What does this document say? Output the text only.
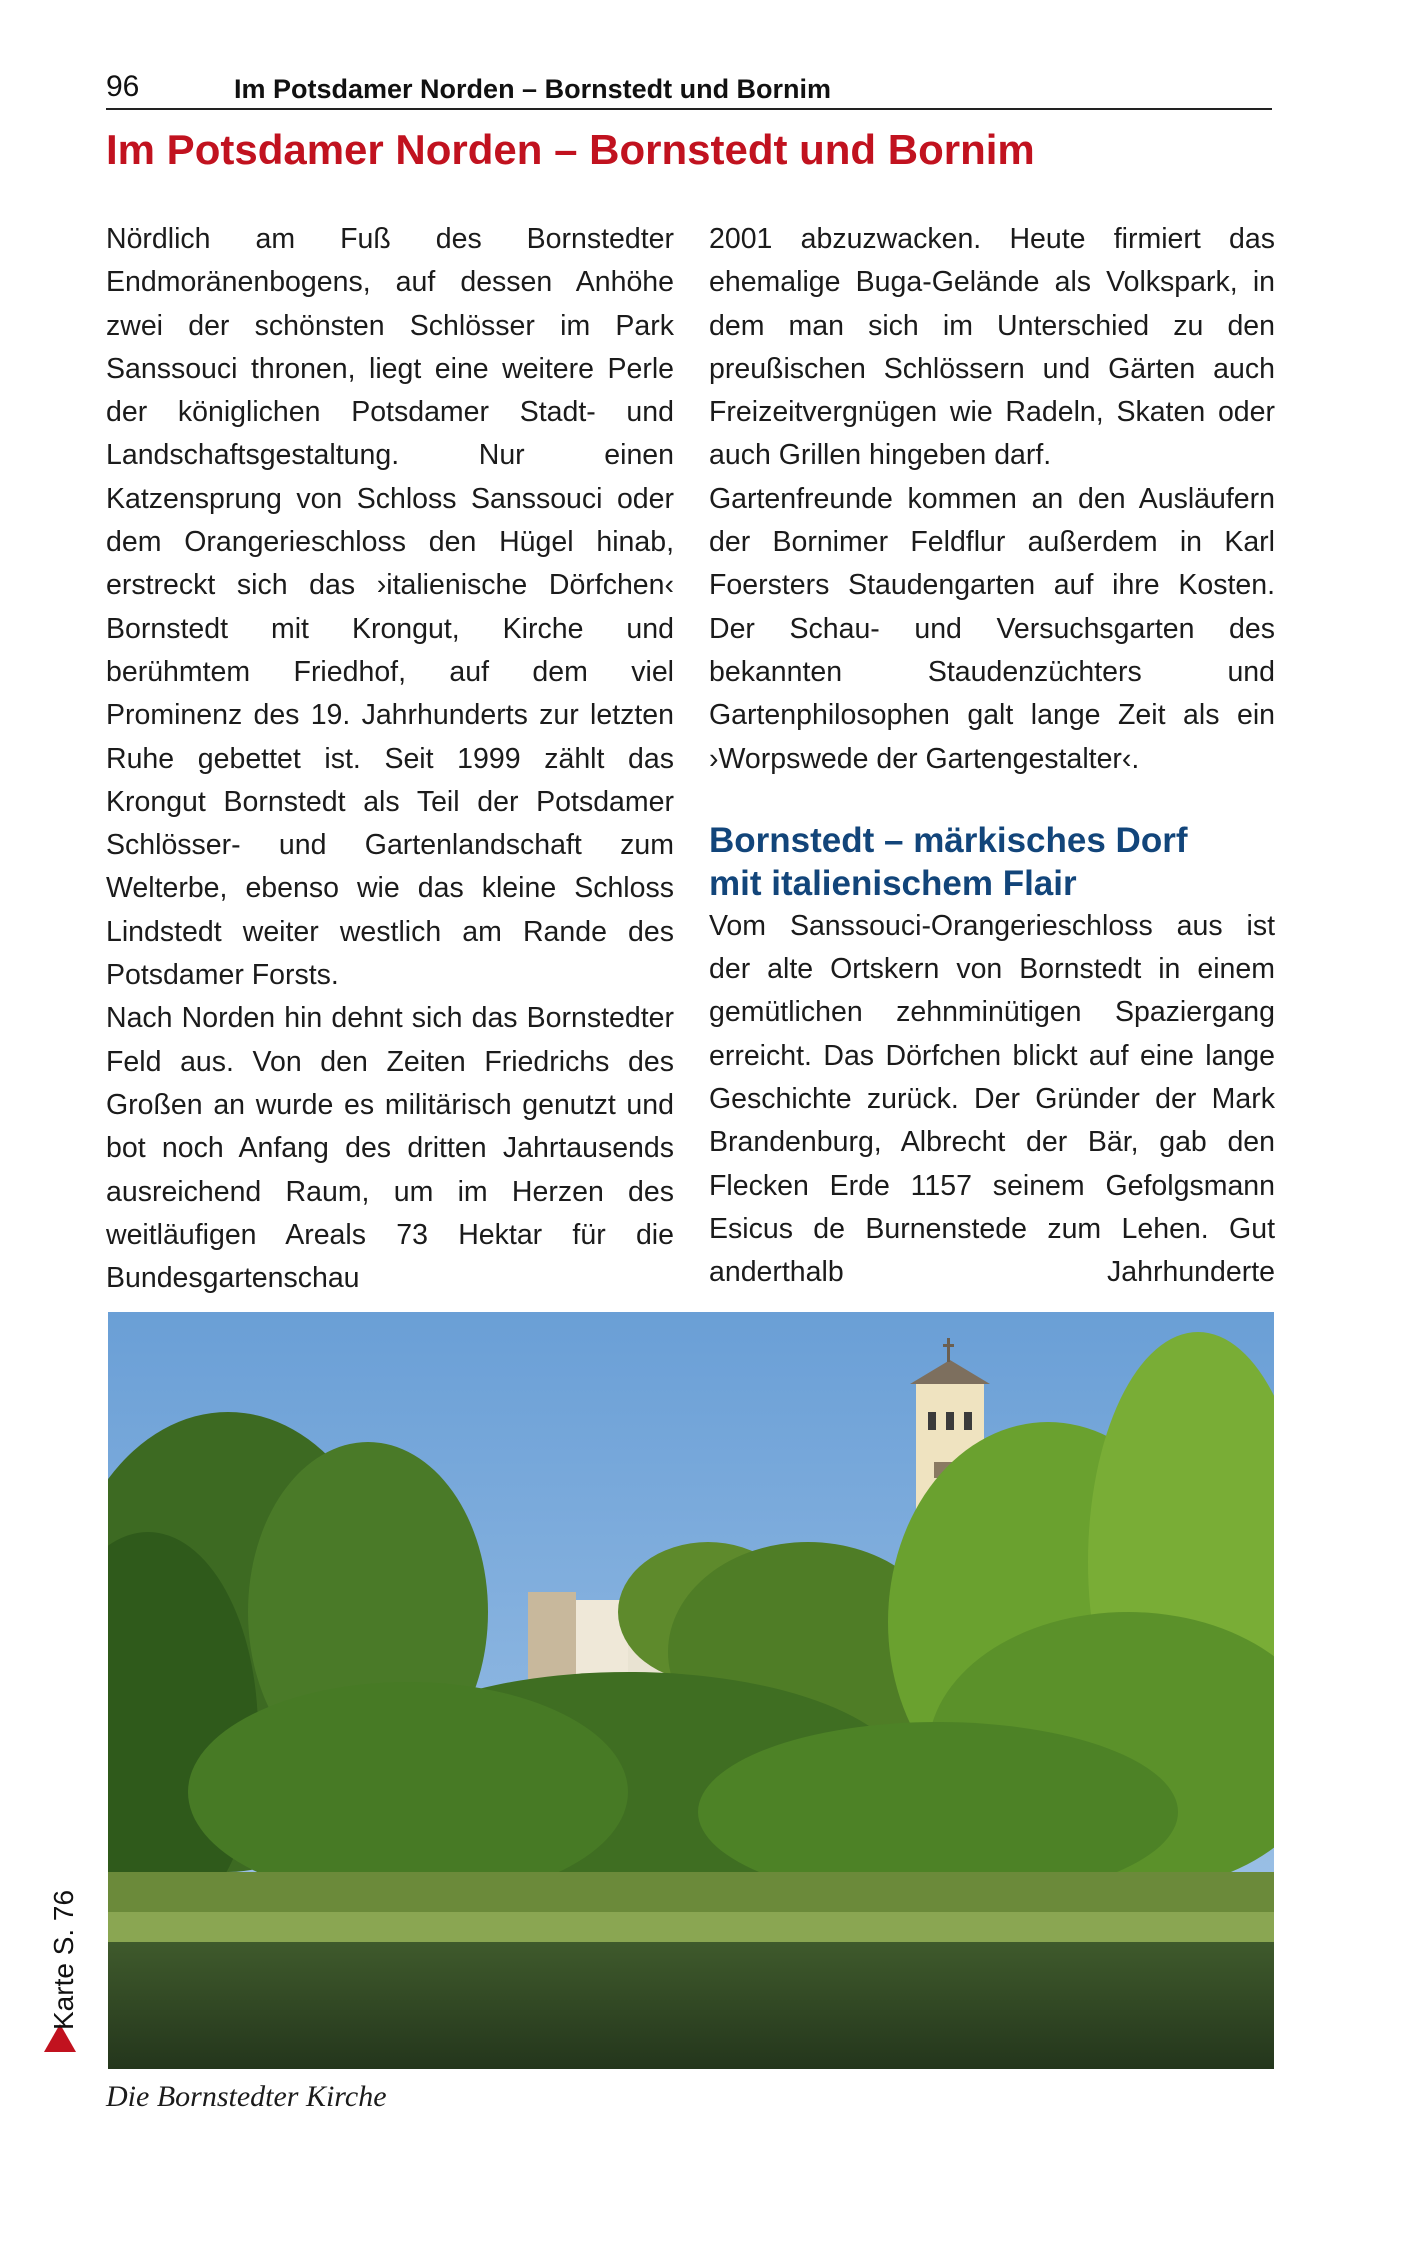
96	Im Potsdamer Norden – Bornstedt und Bornim
Im Potsdamer Norden – Bornstedt und Bornim

Nördlich am Fuß des Bornstedter Endmoränenbogens, auf dessen Anhöhe zwei der schönsten Schlösser im Park Sanssouci thronen, liegt eine weitere Perle der königlichen Potsdamer Stadt- und Landschaftsgestaltung. Nur einen Katzensprung von Schloss Sanssouci oder dem Orangerieschloss den Hügel hinab, erstreckt sich das ›italienische Dörfchen‹ Bornstedt mit Krongut, Kirche und berühmtem Friedhof, auf dem viel Prominenz des 19. Jahrhunderts zur letzten Ruhe gebettet ist. Seit 1999 zählt das Krongut Bornstedt als Teil der Potsdamer Schlösser- und Gartenlandschaft zum Welterbe, ebenso wie das kleine Schloss Lindstedt weiter westlich am Rande des Potsdamer Forsts.

Nach Norden hin dehnt sich das Bornstedter Feld aus. Von den Zeiten Friedrichs des Großen an wurde es militärisch genutzt und bot noch Anfang des dritten Jahrtausends ausreichend Raum, um im Herzen des weitläufigen Areals 73 Hektar für die Bundesgartenschau

2001 abzuzwacken. Heute firmiert das ehemalige Buga-Gelände als Volkspark, in dem man sich im Unterschied zu den preußischen Schlössern und Gärten auch Freizeitvergnügen wie Radeln, Skaten oder auch Grillen hingeben darf.

Gartenfreunde kommen an den Ausläufern der Bornimer Feldflur außerdem in Karl Foersters Staudengarten auf ihre Kosten. Der Schau- und Versuchsgarten des bekannten Staudenzüchters und Gartenphilosophen galt lange Zeit als ein ›Worpswede der Gartengestalter‹.

Bornstedt – märkisches Dorf
mit italienischem Flair

Vom Sanssouci-Orangerieschloss aus ist der alte Ortskern von Bornstedt in einem gemütlichen zehnminütigen Spaziergang erreicht. Das Dörfchen blickt auf eine lange Geschichte zurück. Der Gründer der Mark Brandenburg, Albrecht der Bär, gab den Flecken Erde 1157 seinem Gefolgsmann Esicus de Burnenstede zum Lehen. Gut anderthalb Jahrhunderte

Karte S. 76
Die Bornstedter Kirche
